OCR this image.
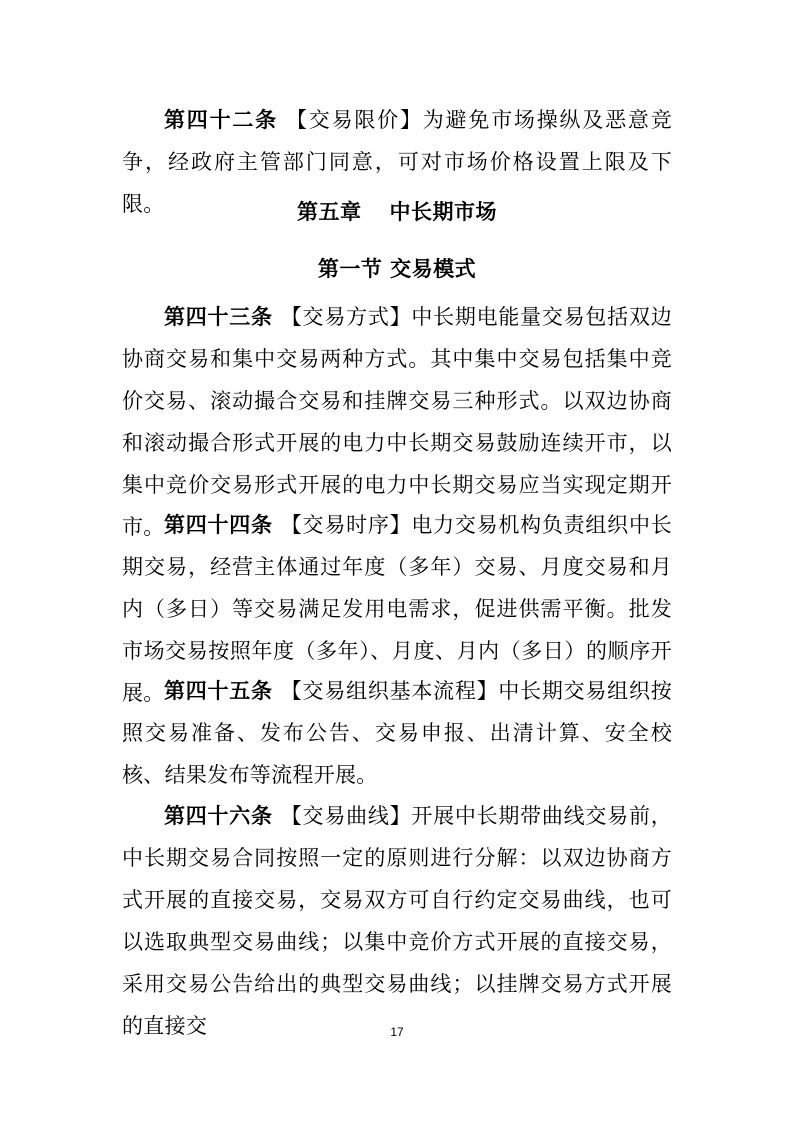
第四十二条 【交易限价】为避免市场操纵及恶意竞争，经政府主管部门同意，可对市场价格设置上限及下限。	第五章 中长期市场
第一节 交易模式

第四十三条 【交易方式】中长期电能量交易包括双边协商交易和集中交易两种方式。其中集中交易包括集中竞价交易、滚动撮合交易和挂牌交易三种形式。以双边协商和滚动撮合形式开展的电力中长期交易鼓励连续开市，以集中竞价交易形式开展的电力中长期交易应当实现定期开市。 第四十四条 【交易时序】电力交易机构负责组织中长期交易，经营主体通过年度（多年）交易、月度交易和月内（多日）等交易满足发用电需求，促进供需平衡。批发市场交易按照年度（多年）、月度、月内（多日）的顺序开展。 第四十五条 【交易组织基本流程】中长期交易组织按照交易准备、发布公告、交易申报、出清计算、安全校核、结果发布等流程开展。

第四十六条 【交易曲线】开展中长期带曲线交易前，中长期交易合同按照一定的原则进行分解：以双边协商方式开展的直接交易，交易双方可自行约定交易曲线，也可以选取典型交易曲线；以集中竞价方式开展的直接交易，采用交易公告给出的典型交易曲线；以挂牌交易方式开展的直接交	17
